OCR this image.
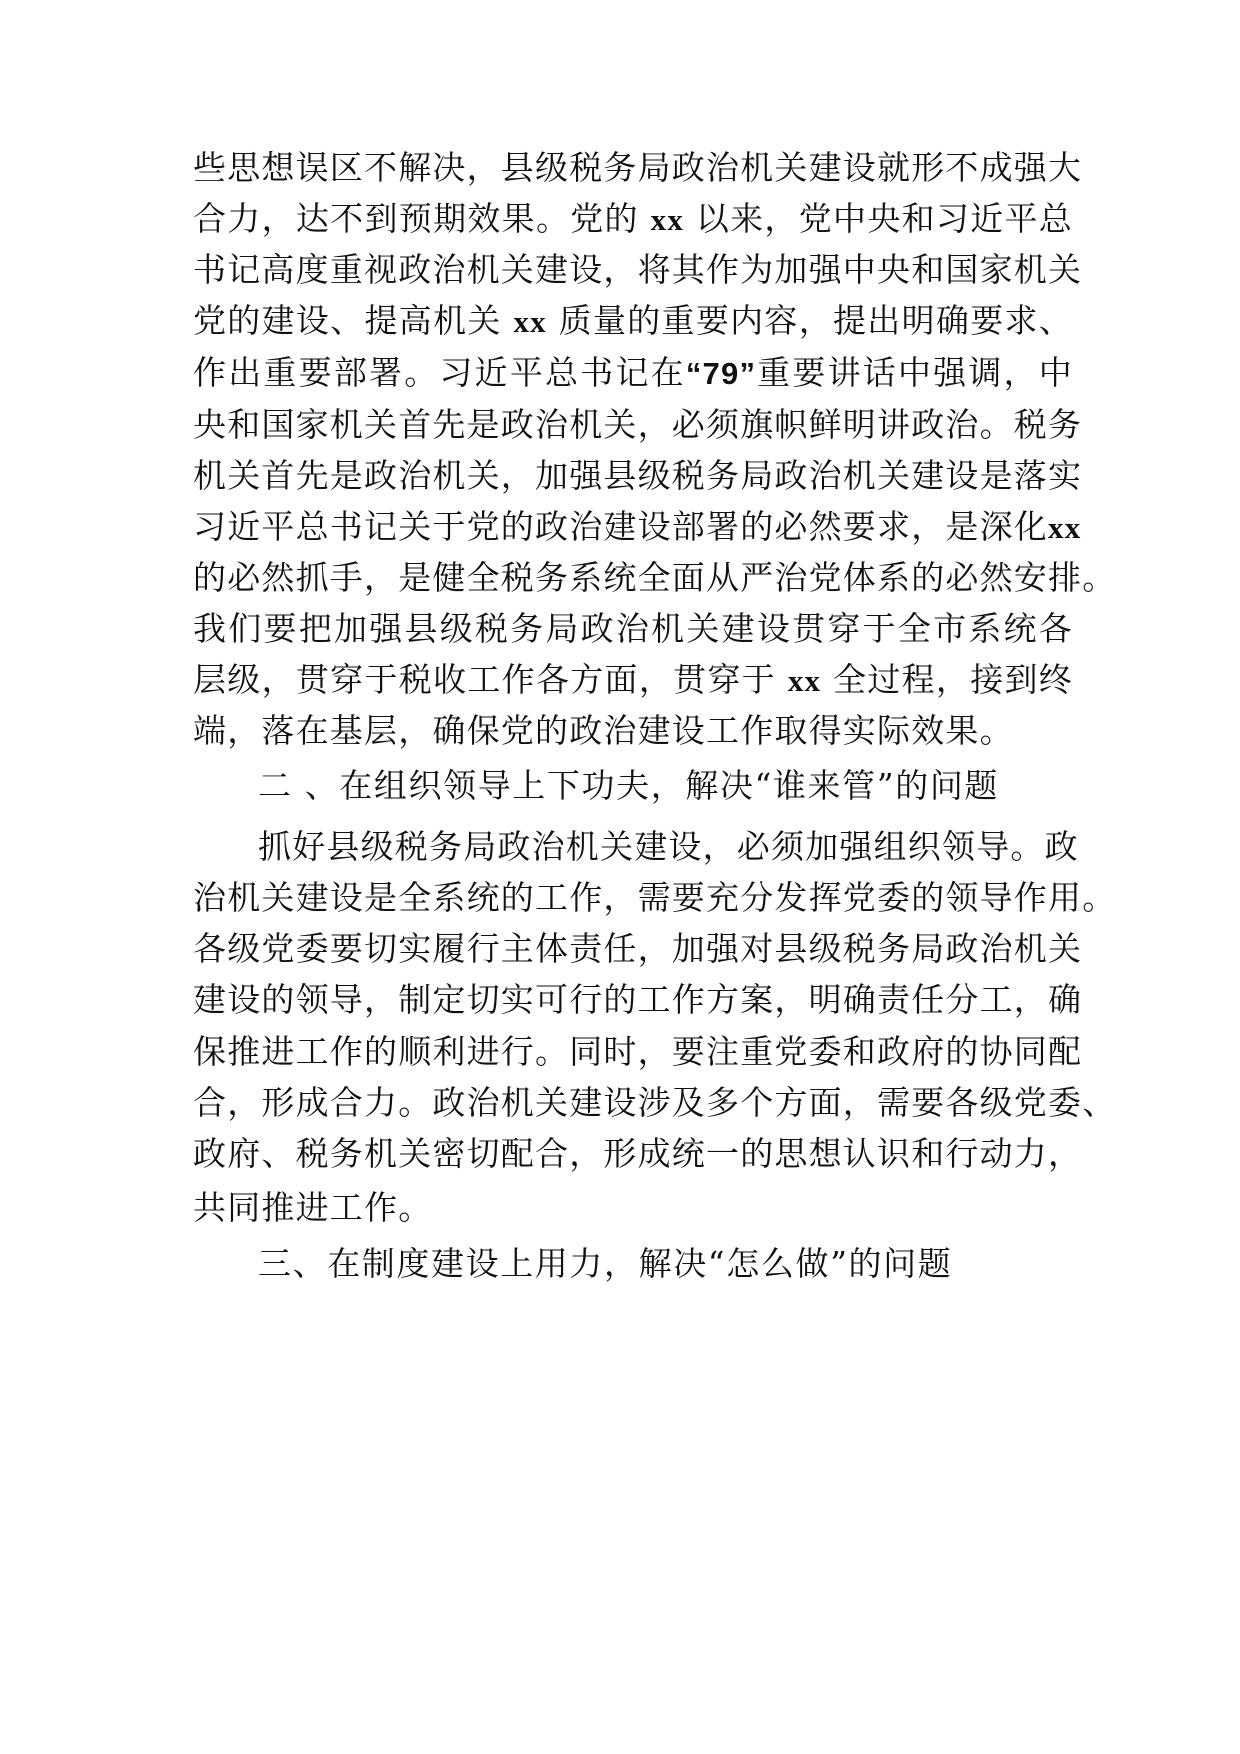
些思想误区不解决，县级税务局政治机关建设就形不成强大
合力，达不到预期效果。党的 xx 以来，党中央和习近平总
书记高度重视政治机关建设，将其作为加强中央和国家机关
党的建设、提高机关 xx 质量的重要内容，提出明确要求、
作出重要部署。习近平总书记在“79”重要讲话中强调，中
央和国家机关首先是政治机关，必须旗帜鲜明讲政治。税务
机关首先是政治机关，加强县级税务局政治机关建设是落实
习近平总书记关于党的政治建设部署的必然要求，是深化xx
的必然抓手，是健全税务系统全面从严治党体系的必然安排。
我们要把加强县级税务局政治机关建设贯穿于全市系统各
层级，贯穿于税收工作各方面，贯穿于 xx 全过程，接到终
端，落在基层，确保党的政治建设工作取得实际效果。
二 、在组织领导上下功夫，解决“谁来管”的问题
抓好县级税务局政治机关建设，必须加强组织领导。政
治机关建设是全系统的工作，需要充分发挥党委的领导作用。
各级党委要切实履行主体责任，加强对县级税务局政治机关
建设的领导，制定切实可行的工作方案，明确责任分工，确
保推进工作的顺利进行。同时，要注重党委和政府的协同配
合，形成合力。政治机关建设涉及多个方面，需要各级党委、
政府、税务机关密切配合，形成统一的思想认识和行动力，
共同推进工作。
三、在制度建设上用力，解决“怎么做”的问题
